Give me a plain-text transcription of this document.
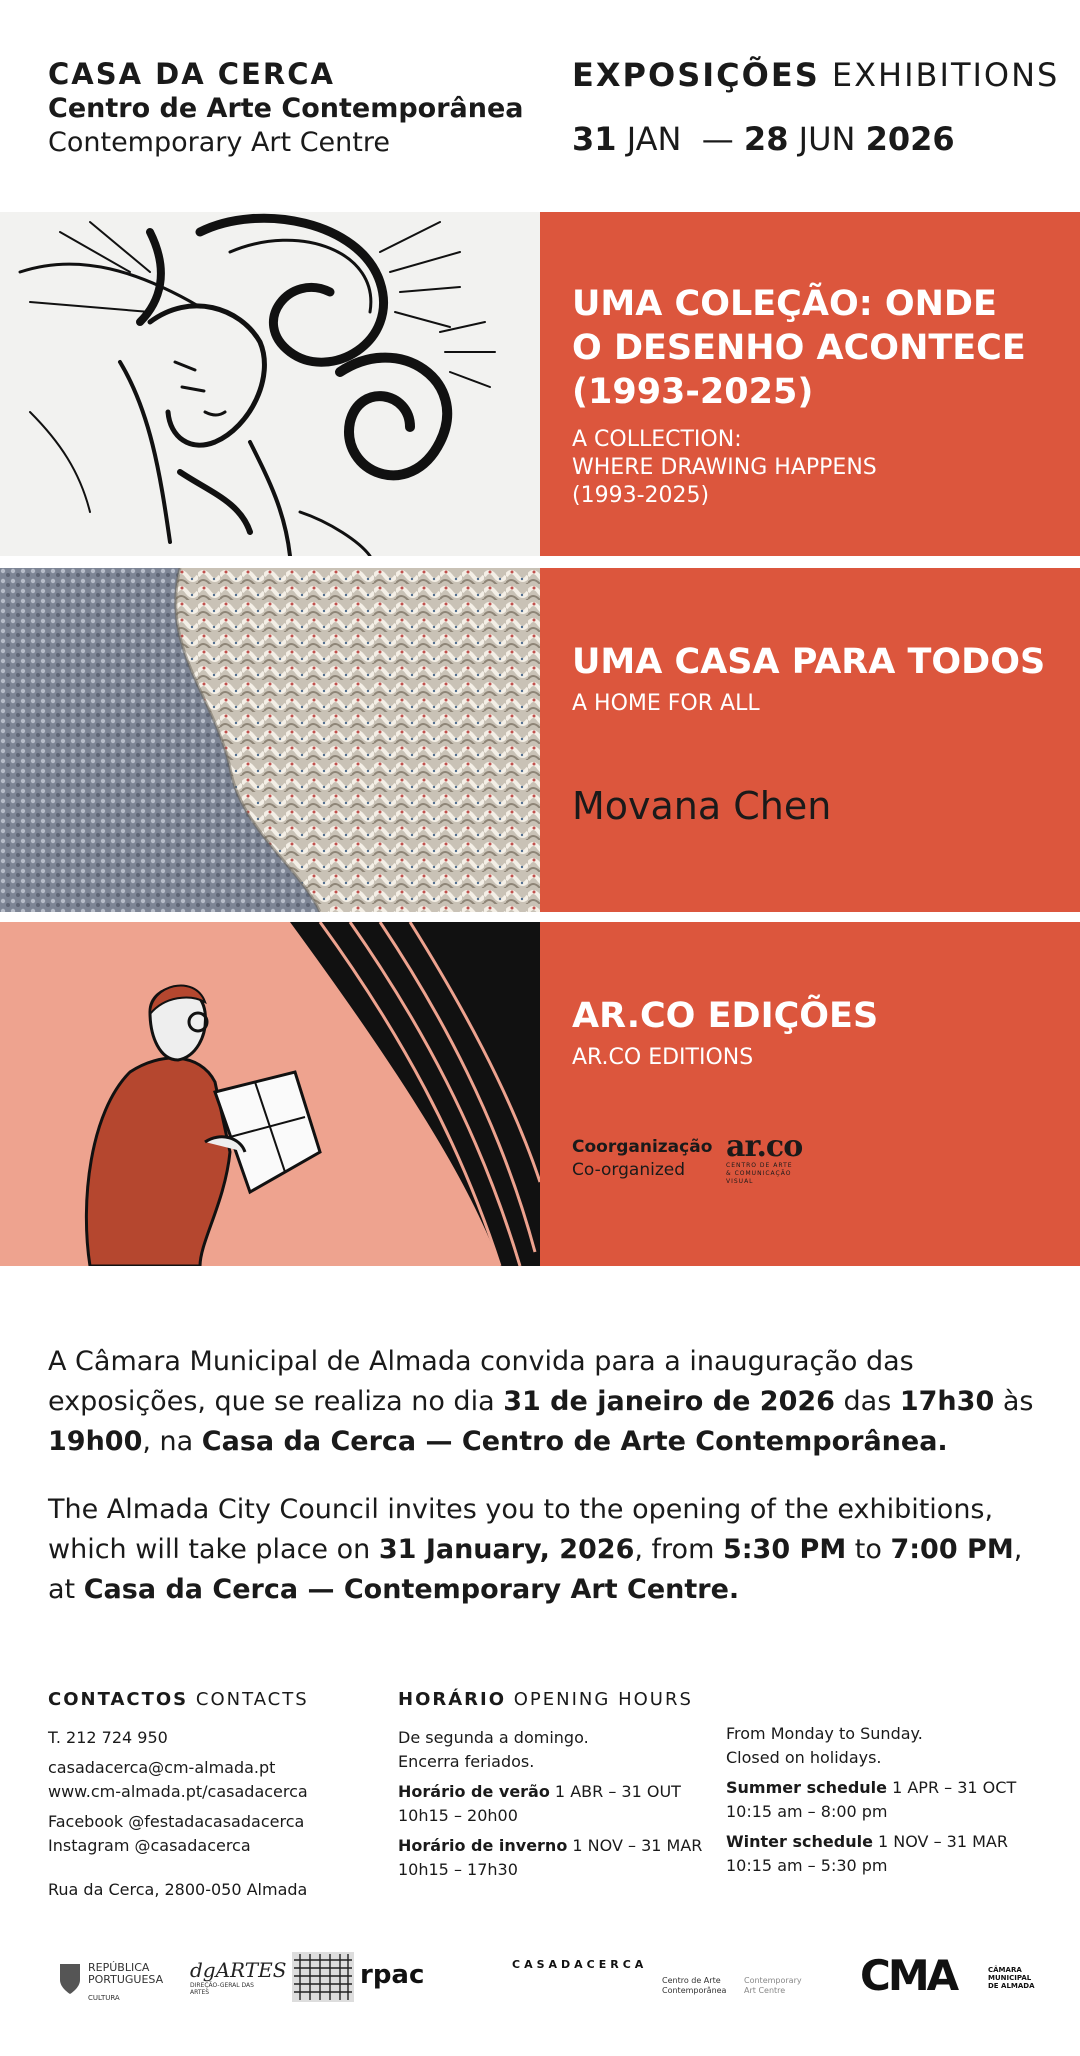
CASA DA CERCA
Centro de Arte Contemporânea
Contemporary Art Centre
EXPOSIÇÕES EXHIBITIONS
31 JAN — 28 JUN 2026
UMA COLEÇÃO: ONDE
O DESENHO ACONTECE
(1993-2025)
A COLLECTION:
WHERE DRAWING HAPPENS
(1993-2025)
UMA CASA PARA TODOS
A HOME FOR ALL
Movana Chen
AR.CO EDIÇÕES
AR.CO EDITIONS
Coorganização
Co-organized
ar.co
CENTRO DE ARTE
& COMUNICAÇÃO
VISUAL

A Câmara Municipal de Almada convida para a inauguração das exposições, que se realiza no dia 31 de janeiro de 2026 das 17h30 às 19h00, na Casa da Cerca — Centro de Arte Contemporânea.

The Almada City Council invites you to the opening of the exhibitions, which will take place on 31 January, 2026, from 5:30 PM to 7:00 PM, at Casa da Cerca — Contemporary Art Centre.

CONTACTOS CONTACTS

T. 212 724 950

casadacerca@cm-almada.pt

www.cm-almada.pt/casadacerca

Facebook @festadacasadacerca

Instagram @casadacerca

Rua da Cerca, 2800-050 Almada
HORÁRIO OPENING HOURS
De segunda a domingo.

Encerra feriados.

Horário de verão 1 ABR – 31 OUT

10h15 – 20h00

Horário de inverno 1 NOV – 31 MAR

10h15 – 17h30

From Monday to Sunday.

Closed on holidays.

Summer schedule 1 APR – 31 OCT

10:15 am – 8:00 pm

Winter schedule 1 NOV – 31 MAR

10:15 am – 5:30 pm

REPÚBLICA
PORTUGUESA
CULTURA
dgARTES
DIREÇÃO-GERAL DAS ARTES
rpac	CASADACERCA
Centro de Arte
Contemporânea
Contemporary
Art Centre	CMA	CÂMARA
MUNICIPAL
DE ALMADA
